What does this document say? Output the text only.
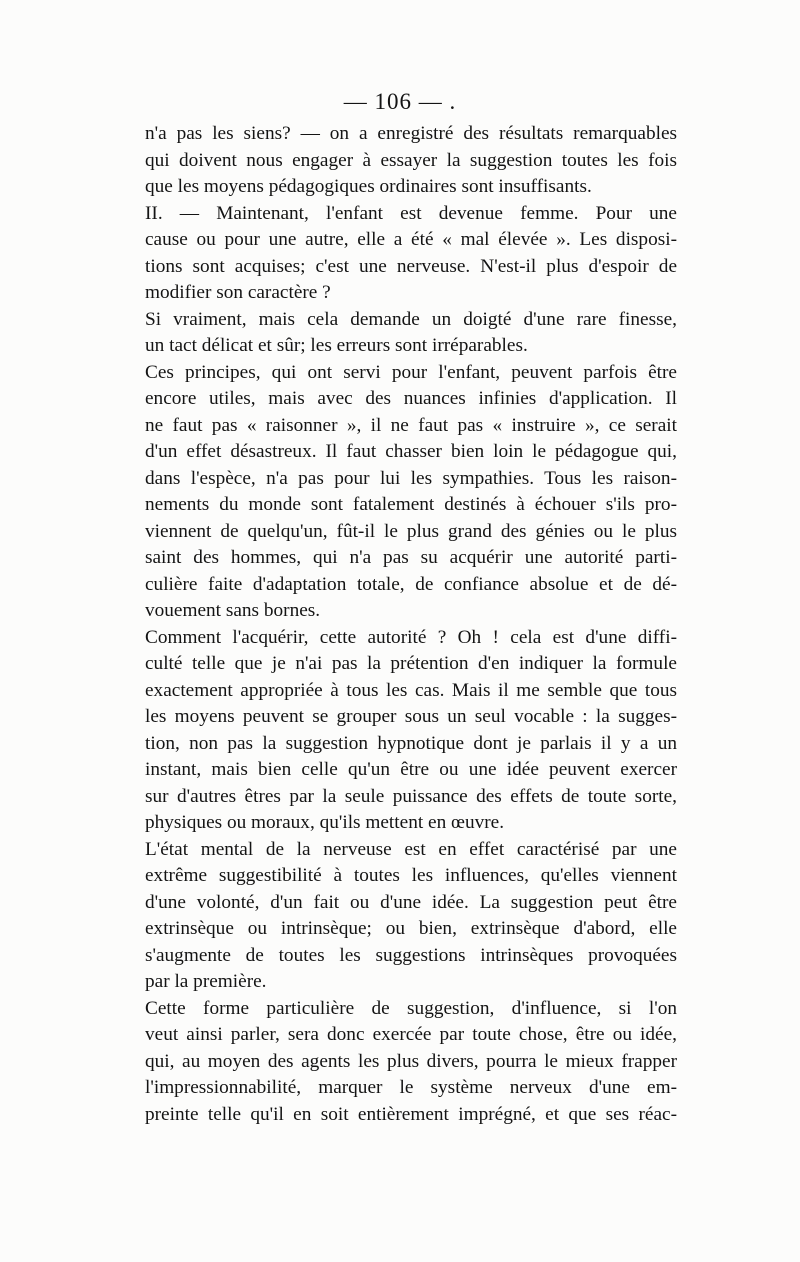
— 106 — .
n'a pas les siens? — on a enregistré des résultats remarquables
qui doivent nous engager à essayer la suggestion toutes les fois
que les moyens pédagogiques ordinaires sont insuffisants.
II. — Maintenant, l'enfant est devenue femme. Pour une
cause ou pour une autre, elle a été « mal élevée ». Les disposi-
tions sont acquises; c'est une nerveuse. N'est-il plus d'espoir de
modifier son caractère ?
Si vraiment, mais cela demande un doigté d'une rare finesse,
un tact délicat et sûr; les erreurs sont irréparables.
Ces principes, qui ont servi pour l'enfant, peuvent parfois être
encore utiles, mais avec des nuances infinies d'application. Il
ne faut pas « raisonner », il ne faut pas « instruire », ce serait
d'un effet désastreux. Il faut chasser bien loin le pédagogue qui,
dans l'espèce, n'a pas pour lui les sympathies. Tous les raison-
nements du monde sont fatalement destinés à échouer s'ils pro-
viennent de quelqu'un, fût-il le plus grand des génies ou le plus
saint des hommes, qui n'a pas su acquérir une autorité parti-
culière faite d'adaptation totale, de confiance absolue et de dé-
vouement sans bornes.
Comment l'acquérir, cette autorité ? Oh ! cela est d'une diffi-
culté telle que je n'ai pas la prétention d'en indiquer la formule
exactement appropriée à tous les cas. Mais il me semble que tous
les moyens peuvent se grouper sous un seul vocable : la sugges-
tion, non pas la suggestion hypnotique dont je parlais il y a un
instant, mais bien celle qu'un être ou une idée peuvent exercer
sur d'autres êtres par la seule puissance des effets de toute sorte,
physiques ou moraux, qu'ils mettent en œuvre.
L'état mental de la nerveuse est en effet caractérisé par une
extrême suggestibilité à toutes les influences, qu'elles viennent
d'une volonté, d'un fait ou d'une idée. La suggestion peut être
extrinsèque ou intrinsèque; ou bien, extrinsèque d'abord, elle
s'augmente de toutes les suggestions intrinsèques provoquées
par la première.
Cette forme particulière de suggestion, d'influence, si l'on
veut ainsi parler, sera donc exercée par toute chose, être ou idée,
qui, au moyen des agents les plus divers, pourra le mieux frapper
l'impressionnabilité, marquer le système nerveux d'une em-
preinte telle qu'il en soit entièrement imprégné, et que ses réac-
